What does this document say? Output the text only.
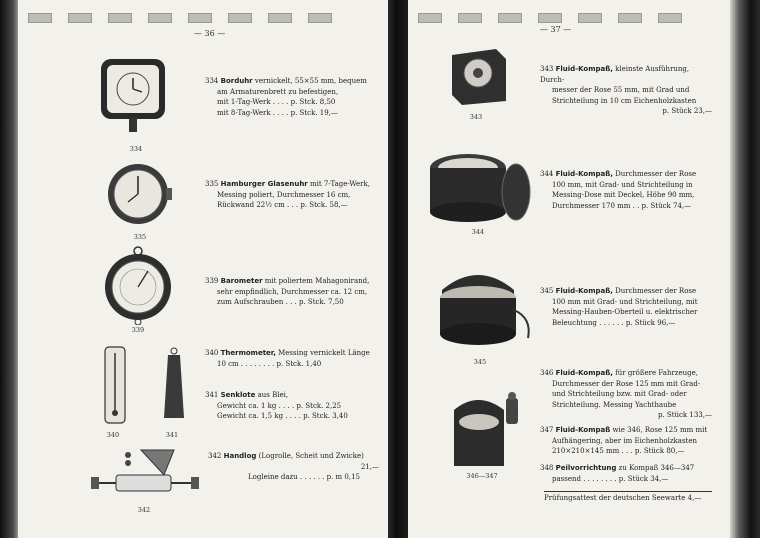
— 36 —
334
334 Borduhr vernickelt, 55×55 mm, bequem
am Armaturenbrett zu befestigen,
mit 1-Tag-Werk . . . . p. Stck. 8,50
mit 8-Tag-Werk . . . . p. Stck. 19,—
335
335 Hamburger Glasenuhr mit 7-Tage-Werk,
Messing poliert, Durchmesser 16 cm,
Rückwand 22½ cm . . . p. Stck. 58,—
339
339 Barometer mit poliertem Mahagonirand,
sehr empfindlich, Durchmesser ca. 12 cm,
zum Aufschrauben . . . p. Stck. 7,50
340	341
340 Thermometer, Messing vernickelt Länge
10 cm . . . . . . . . p. Stck. 1,40
341 Senklote aus Blei,
Gewicht ca. 1 kg . . . . p. Stck. 2,25
Gewicht ca. 1,5 kg . . . . p. Stck. 3,40
342
342 Handlog (Logrolle, Scheit und Zwicke)

21,—
Logleine dazu . . . . . . p. m 0,15
— 37 —
343
343 Fluid-Kompaß, kleinste Ausführung, Durch-
messer der Rose 55 mm, mit Grad und
Strichteilung in 10 cm Eichenholzkasten
p. Stück 23,—
344
344 Fluid-Kompaß, Durchmesser der Rose
100 mm, mit Grad- und Strichteilung in
Messing-Dose mit Deckel, Höhe 90 mm,
Durchmesser 170 mm . . p. Stück 74,—
345
345 Fluid-Kompaß, Durchmesser der Rose
100 mm mit Grad- und Strichteilung, mit
Messing-Hauben-Oberteil u. elektrischer
Beleuchtung . . . . . . p. Stück 96,—
346—347
346 Fluid-Kompaß, für größere Fahrzeuge,
Durchmesser der Rose 125 mm mit Grad-
und Strichteilung bzw. mit Grad- oder
Strichteilung. Messing Yachthaube
p. Stück 133,—
347 Fluid-Kompaß wie 346, Rose 125 mm mit
Aufhängering, aber im Eichenholzkasten
210×210×145 mm . . . p. Stück 80,—
348 Peilvorrichtung zu Kompaß 346—347
passend . . . . . . . . p. Stück 34,—
Prüfungsattest der deutschen Seewarte 4,—
